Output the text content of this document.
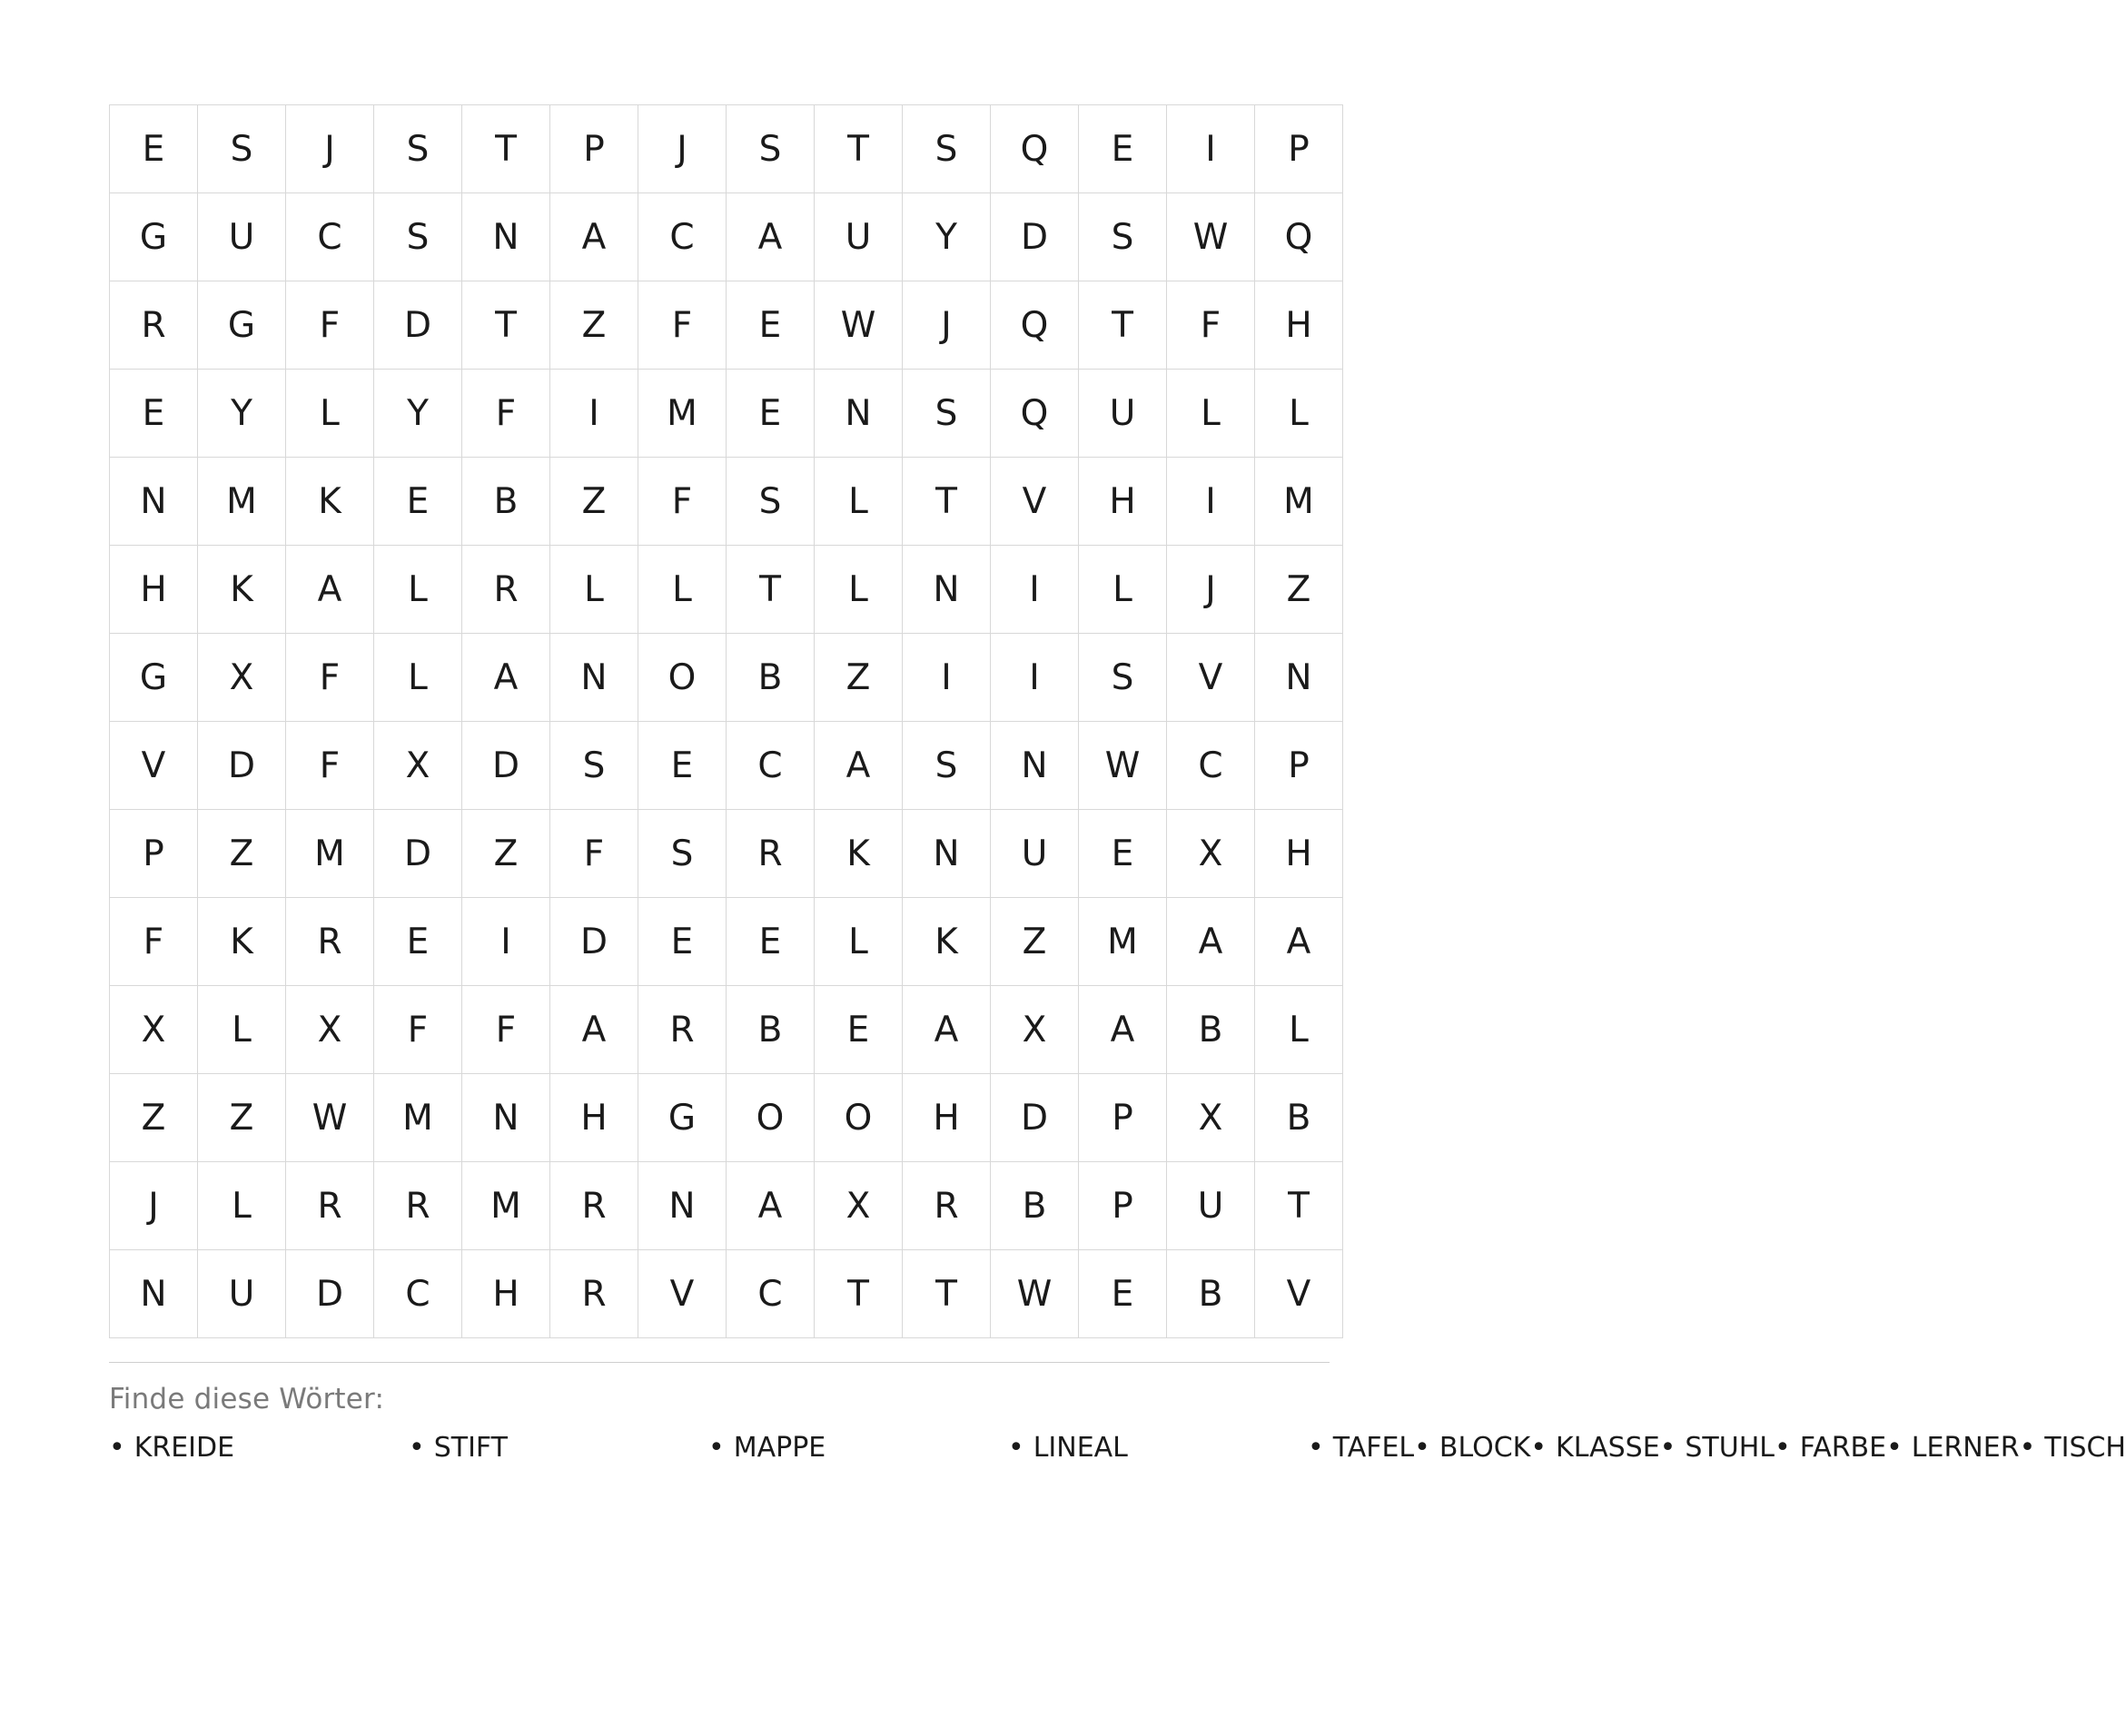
E	S	J	S	T	P	J	S	T	S	Q	E	I	P
G	U	C	S	N	A	C	A	U	Y	D	S	W	Q
R	G	F	D	T	Z	F	E	W	J	Q	T	F	H
E	Y	L	Y	F	I	M	E	N	S	Q	U	L	L
N	M	K	E	B	Z	F	S	L	T	V	H	I	M
H	K	A	L	R	L	L	T	L	N	I	L	J	Z
G	X	F	L	A	N	O	B	Z	I	I	S	V	N
V	D	F	X	D	S	E	C	A	S	N	W	C	P
P	Z	M	D	Z	F	S	R	K	N	U	E	X	H
F	K	R	E	I	D	E	E	L	K	Z	M	A	A
X	L	X	F	F	A	R	B	E	A	X	A	B	L
Z	Z	W	M	N	H	G	O	O	H	D	P	X	B
J	L	R	R	M	R	N	A	X	R	B	P	U	T
N	U	D	C	H	R	V	C	T	T	W	E	B	V
Finde diese Wörter:
• KREIDE	• STIFT	• MAPPE	• LINEAL	• TAFEL • BLOCK • KLASSE • STUHL • FARBE • LERNER • TISCH
